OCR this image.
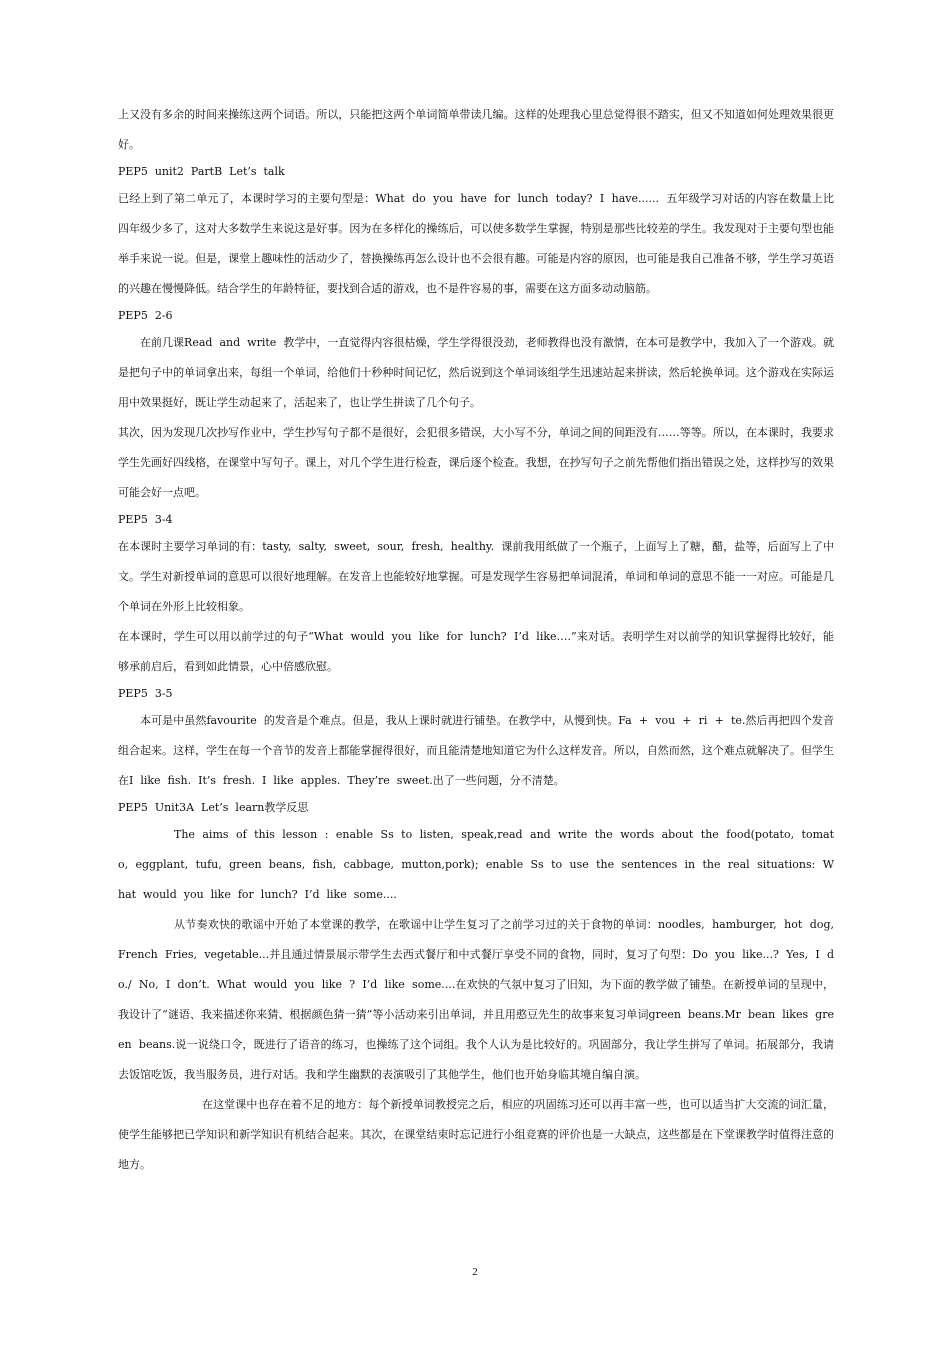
上又没有多余的时间来操练这两个词语。所以，只能把这两个单词简单带读几编。这样的处理我心里总觉得很不踏实，但又不知道如何处理效果很更好。

PEP5  unit2  PartB  Let’s  talk

已经上到了第二单元了，本课时学习的主要句型是：What  do  you  have  for  lunch  today?  I  have......  五年级学习对话的内容在数量上比四年级少多了，这对大多数学生来说这是好事。因为在多样化的操练后，可以使多数学生掌握，特别是那些比较差的学生。我发现对于主要句型也能举手来说一说。但是，课堂上趣味性的活动少了，替换操练再怎么设计也不会很有趣。可能是内容的原因，也可能是我自己准备不够，学生学习英语的兴趣在慢慢降低。结合学生的年龄特征，要找到合适的游戏，也不是件容易的事，需要在这方面多动动脑筋。

PEP5  2-6

在前几课Read  and  write  教学中，一直觉得内容很枯燥，学生学得很没劲，老师教得也没有激情，在本可是教学中，我加入了一个游戏。就是把句子中的单词拿出来，每组一个单词，给他们十秒种时间记忆，然后说到这个单词该组学生迅速站起来拼读，然后轮换单词。这个游戏在实际运用中效果挺好，既让学生动起来了，活起来了，也让学生拼读了几个句子。

其次，因为发现几次抄写作业中，学生抄写句子都不是很好，会犯很多错误，大小写不分，单词之间的间距没有……等等。所以，在本课时，我要求学生先画好四线格，在课堂中写句子。课上，对几个学生进行检查，课后逐个检查。我想，在抄写句子之前先帮他们指出错误之处，这样抄写的效果可能会好一点吧。

PEP5  3-4

在本课时主要学习单词的有：tasty,  salty,  sweet,  sour,  fresh,  healthy.  课前我用纸做了一个瓶子，上面写上了糖，醋，盐等，后面写上了中文。学生对新授单词的意思可以很好地理解。在发音上也能较好地掌握。可是发现学生容易把单词混淆，单词和单词的意思不能一一对应。可能是几个单词在外形上比较相象。

在本课时，学生可以用以前学过的句子“What  would  you  like  for  lunch?  I’d  like….”来对话。表明学生对以前学的知识掌握得比较好，能够承前启后，看到如此情景，心中倍感欣慰。

PEP5  3-5

本可是中虽然favourite  的发音是个难点。但是，我从上课时就进行铺垫。在教学中，从慢到快。Fa  +  vou  +  ri  +  te.然后再把四个发音组合起来。这样，学生在每一个音节的发音上都能掌握得很好，而且能清楚地知道它为什么这样发音。所以，自然而然，这个难点就解决了。但学生在I  like  fish.  It’s  fresh.  I  like  apples.  They’re  sweet.出了一些问题，分不清楚。

PEP5  Unit3A  Let’s  learn教学反思

The  aims  of  this  lesson  :  enable  Ss  to  listen,  speak,read  and  write  the  words  about  the  food(potato,  tomato,  eggplant,  tufu,  green  beans,  fish,  cabbage,  mutton,pork);  enable  Ss  to  use  the  sentences  in  the  real  situations:  What  would  you  like  for  lunch?  I’d  like  some....

从节奏欢快的歌谣中开始了本堂课的教学，在歌谣中让学生复习了之前学习过的关于食物的单词：noodles,  hamburger,  hot  dog,  French  Fries,  vegetable...并且通过情景展示带学生去西式餐厅和中式餐厅享受不同的食物，同时，复习了句型：Do  you  like...?  Yes,  I  do./  No,  I  don’t.  What  would  you  like  ?  I’d  like  some....在欢快的气氛中复习了旧知，为下面的教学做了铺垫。在新授单词的呈现中，我设计了“谜语、我来描述你来猜、根据颜色猜一猜”等小活动来引出单词，并且用憨豆先生的故事来复习单词green  beans.Mr  bean  likes  green  beans.说一说绕口令，既进行了语音的练习，也操练了这个词组。我个人认为是比较好的。巩固部分，我让学生拼写了单词。拓展部分，我请去饭馆吃饭，我当服务员，进行对话。我和学生幽默的表演吸引了其他学生，他们也开始身临其境自编自演。

在这堂课中也存在着不足的地方：每个新授单词教授完之后，相应的巩固练习还可以再丰富一些，也可以适当扩大交流的词汇量，使学生能够把已学知识和新学知识有机结合起来。其次，在课堂结束时忘记进行小组竞赛的评价也是一大缺点，这些都是在下堂课教学时值得注意的地方。

2
